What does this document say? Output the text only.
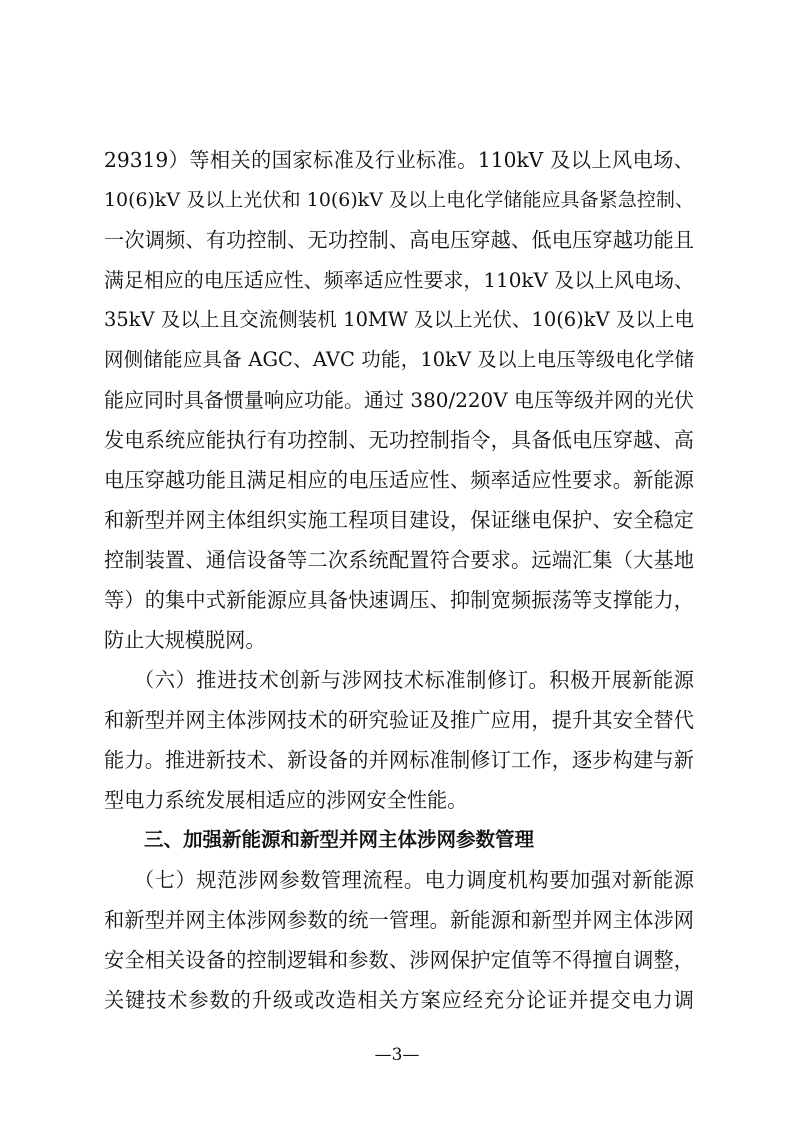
29319）等相关的国家标准及行业标准。110kV 及以上风电场、
10(6)kV 及以上光伏和 10(6)kV 及以上电化学储能应具备紧急控制、
一次调频、有功控制、无功控制、高电压穿越、低电压穿越功能且
满足相应的电压适应性、频率适应性要求，110kV 及以上风电场、
35kV 及以上且交流侧装机 10MW 及以上光伏、10(6)kV 及以上电
网侧储能应具备 AGC、AVC 功能，10kV 及以上电压等级电化学储
能应同时具备惯量响应功能。通过 380/220V 电压等级并网的光伏
发电系统应能执行有功控制、无功控制指令，具备低电压穿越、高
电压穿越功能且满足相应的电压适应性、频率适应性要求。新能源
和新型并网主体组织实施工程项目建设，保证继电保护、安全稳定
控制装置、通信设备等二次系统配置符合要求。远端汇集（大基地
等）的集中式新能源应具备快速调压、抑制宽频振荡等支撑能力，
防止大规模脱网。
（六）推进技术创新与涉网技术标准制修订。积极开展新能源
和新型并网主体涉网技术的研究验证及推广应用，提升其安全替代
能力。推进新技术、新设备的并网标准制修订工作，逐步构建与新
型电力系统发展相适应的涉网安全性能。
三、加强新能源和新型并网主体涉网参数管理
（七）规范涉网参数管理流程。电力调度机构要加强对新能源
和新型并网主体涉网参数的统一管理。新能源和新型并网主体涉网
安全相关设备的控制逻辑和参数、涉网保护定值等不得擅自调整，
关键技术参数的升级或改造相关方案应经充分论证并提交电力调
—3—
